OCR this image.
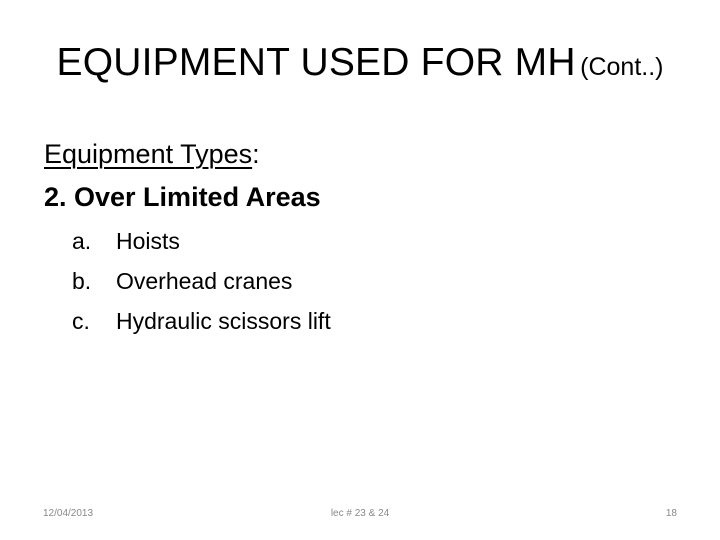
EQUIPMENT USED FOR MH (Cont..)
Equipment Types:
2. Over Limited Areas
a.	Hoists
b.	Overhead cranes
c.	Hydraulic scissors lift
12/04/2013	lec # 23 & 24	18
